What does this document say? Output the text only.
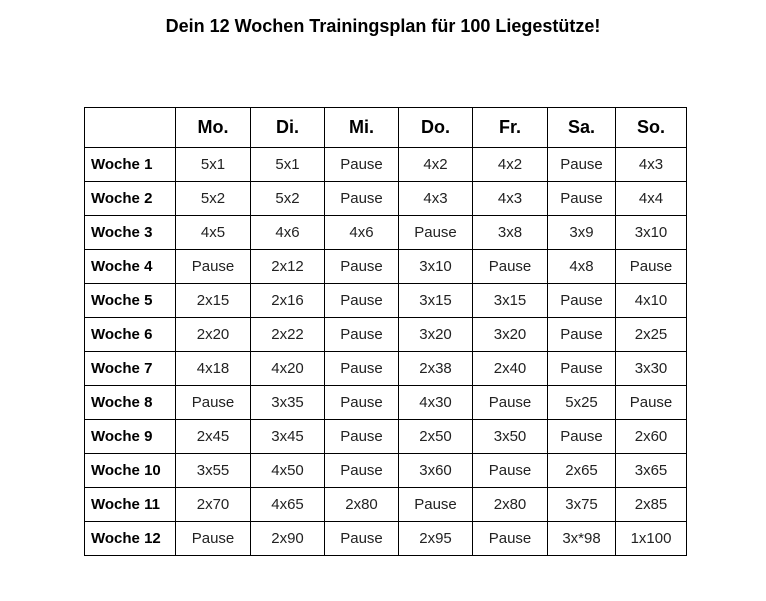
Dein 12 Wochen Trainingsplan für 100 Liegestütze!
	Mo.	Di.	Mi.	Do.	Fr.	Sa.	So.
Woche 1	5x1	5x1	Pause	4x2	4x2	Pause	4x3
Woche 2	5x2	5x2	Pause	4x3	4x3	Pause	4x4
Woche 3	4x5	4x6	4x6	Pause	3x8	3x9	3x10
Woche 4	Pause	2x12	Pause	3x10	Pause	4x8	Pause
Woche 5	2x15	2x16	Pause	3x15	3x15	Pause	4x10
Woche 6	2x20	2x22	Pause	3x20	3x20	Pause	2x25
Woche 7	4x18	4x20	Pause	2x38	2x40	Pause	3x30
Woche 8	Pause	3x35	Pause	4x30	Pause	5x25	Pause
Woche 9	2x45	3x45	Pause	2x50	3x50	Pause	2x60
Woche 10	3x55	4x50	Pause	3x60	Pause	2x65	3x65
Woche 11	2x70	4x65	2x80	Pause	2x80	3x75	2x85
Woche 12	Pause	2x90	Pause	2x95	Pause	3x*98	1x100
